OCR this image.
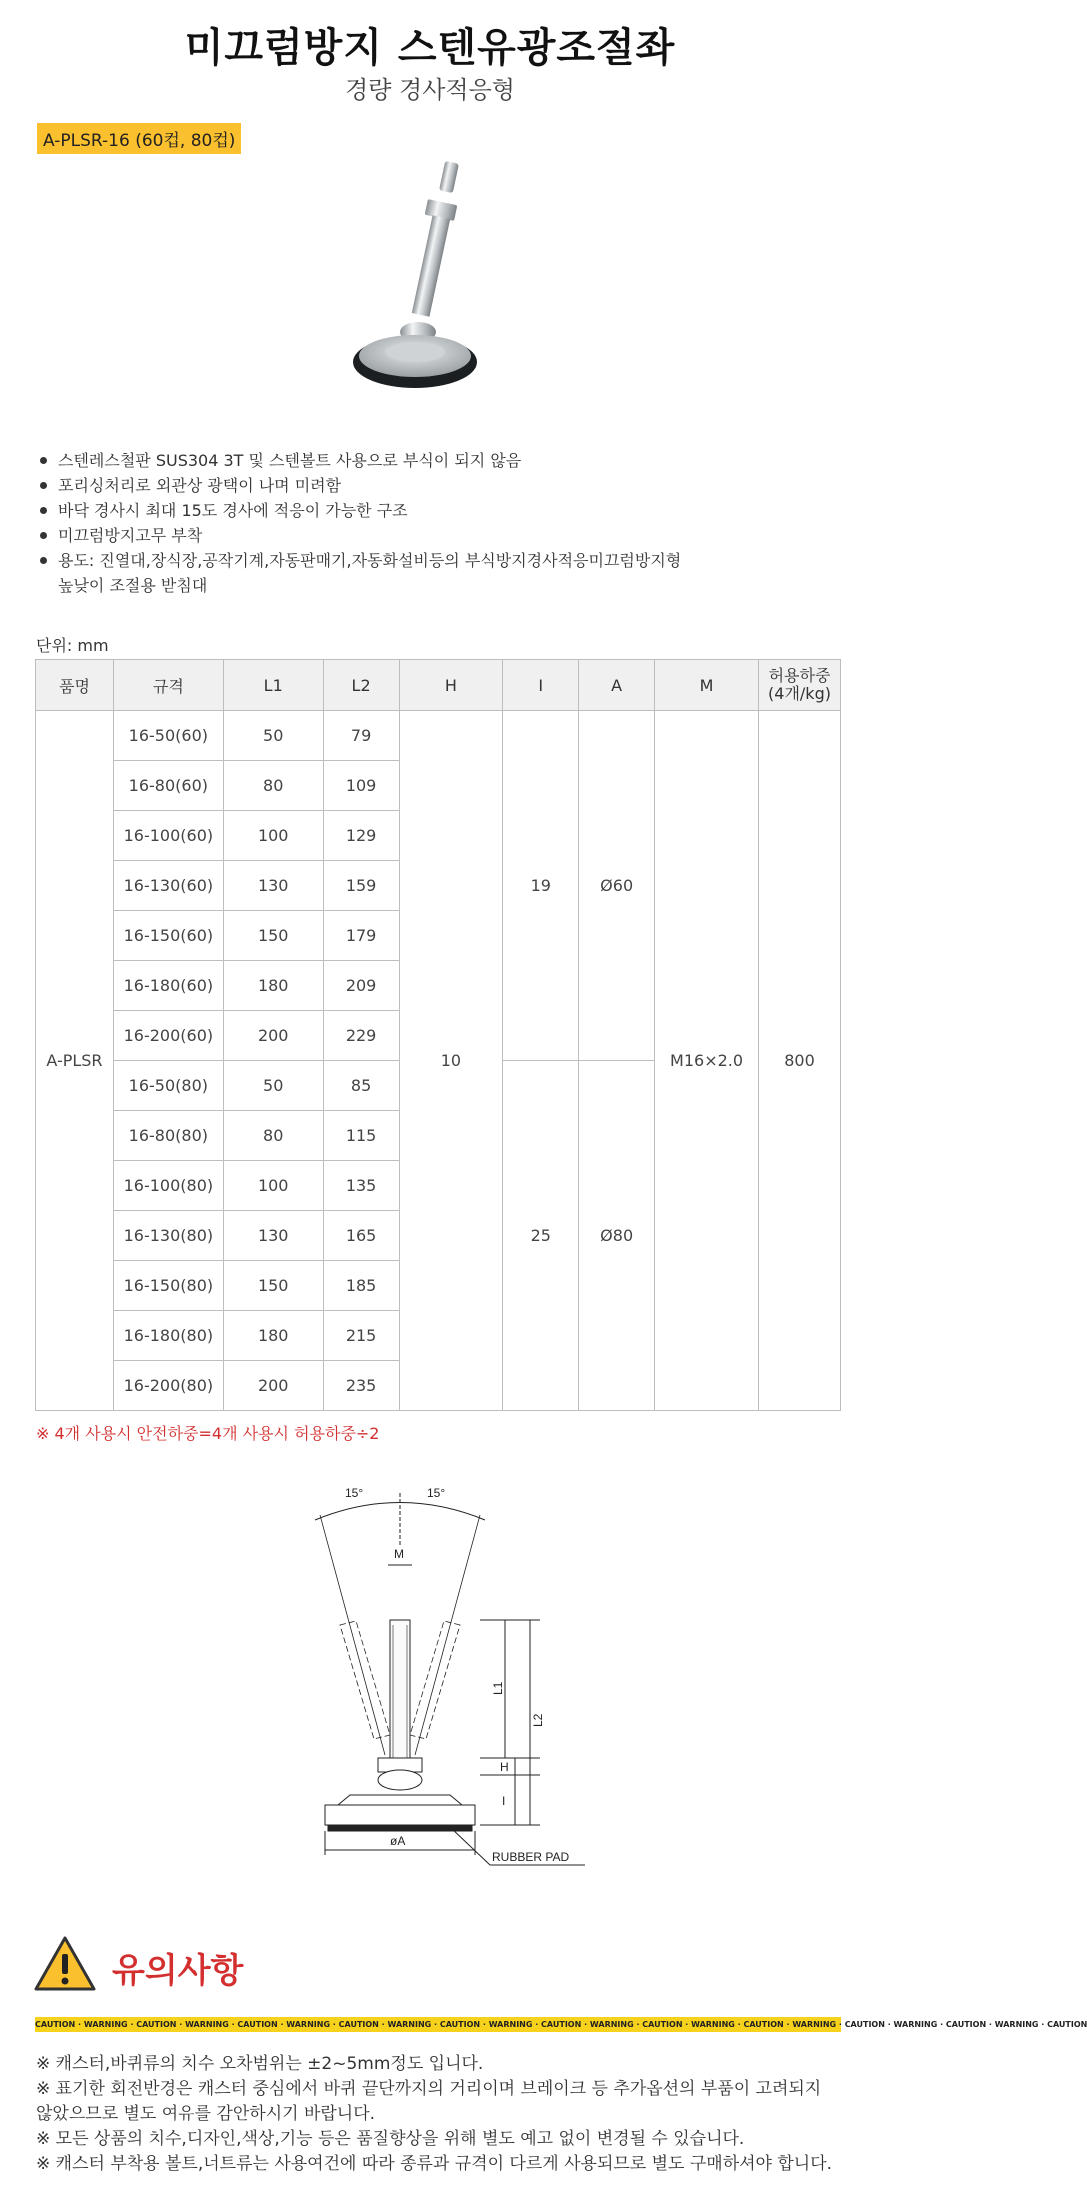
미끄럼방지 스텐유광조절좌
경량 경사적응형
A-PLSR-16 (60컵, 80컵)
스텐레스철판 SUS304 3T 및 스텐볼트 사용으로 부식이 되지 않음
포리싱처리로 외관상 광택이 나며 미려함
바닥 경사시 최대 15도 경사에 적응이 가능한 구조
미끄럼방지고무 부착
용도: 진열대,장식장,공작기계,자동판매기,자동화설비등의 부식방지경사적응미끄럼방지형
높낮이 조절용 받침대
단위: mm
품명	규격	L1	L2	H	I	A	M	허용하중
(4개/kg)
A-PLSR	16-50(60)	50	79	10	19	Ø60	M16×2.0	800
	16-80(60)	80	109					
	16-100(60)	100	129					
	16-130(60)	130	159					
	16-150(60)	150	179					
	16-180(60)	180	209					
	16-200(60)	200	229					
	16-50(80)	50	85		25	Ø80		
	16-80(80)	80	115					
	16-100(80)	100	135					
	16-130(80)	130	165					
	16-150(80)	150	185					
	16-180(80)	180	215					
	16-200(80)	200	235					
※ 4개 사용시 안전하중=4개 사용시 허용하중÷2
15°	15°
M
L1
L2
H
I
øA
RUBBER PAD
유의사항
CAUTION · WARNING · CAUTION · WARNING · CAUTION · WARNING · CAUTION · WARNING · CAUTION · WARNING · CAUTION · WARNING · CAUTION · WARNING · CAUTION · WARNING · CAUTION · WARNING · CAUTION · WARNING · CAUTION
※ 캐스터,바퀴류의 치수 오차범위는 ±2~5mm정도 입니다.
※ 표기한 회전반경은 캐스터 중심에서 바퀴 끝단까지의 거리이며 브레이크 등 추가옵션의 부품이 고려되지 않았으므로 별도 여유를 감안하시기 바랍니다.
※ 모든 상품의 치수,디자인,색상,기능 등은 품질향상을 위해 별도 예고 없이 변경될 수 있습니다.
※ 캐스터 부착용 볼트,너트류는 사용여건에 따라 종류과 규격이 다르게 사용되므로 별도 구매하셔야 합니다.
